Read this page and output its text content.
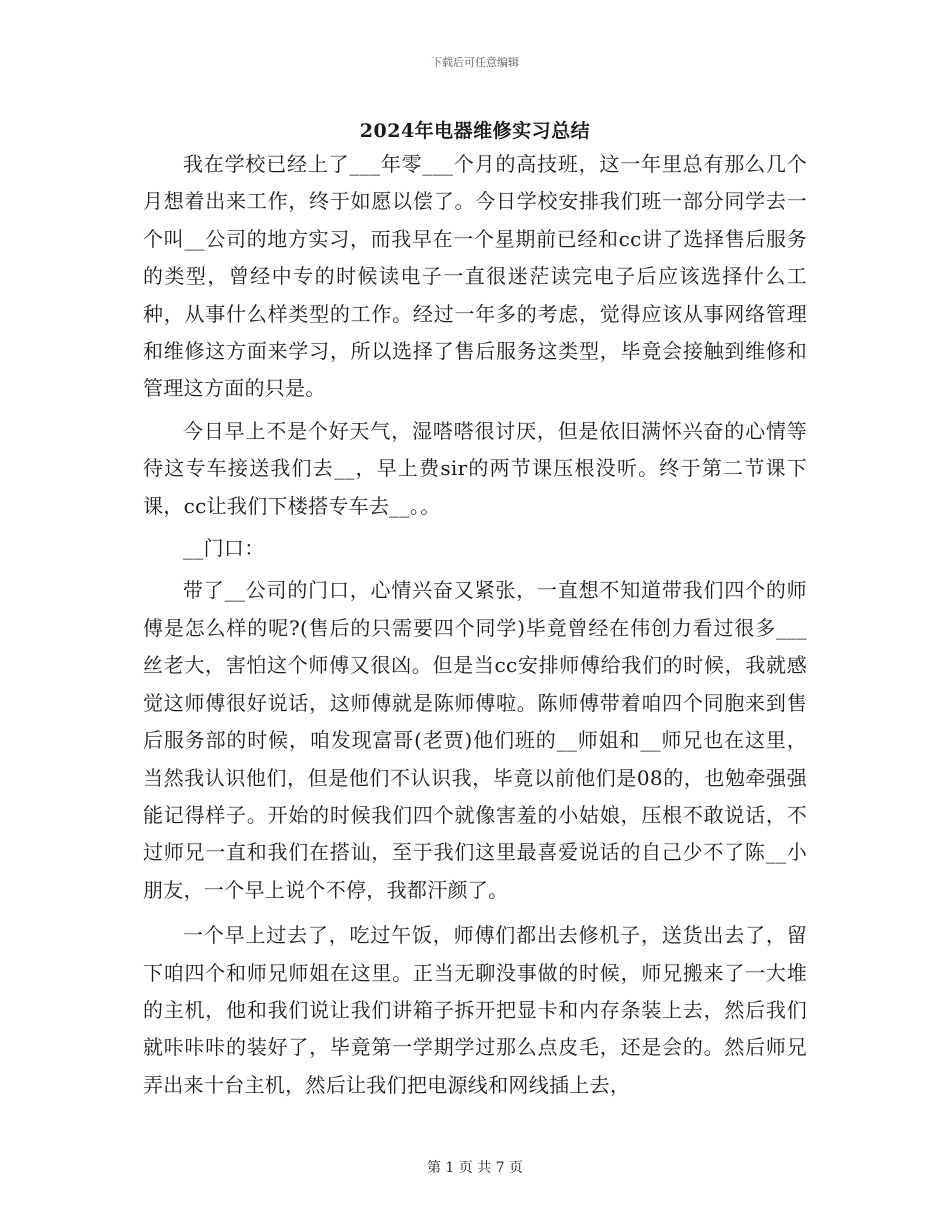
下载后可任意编辑
2024年电器维修实习总结

我在学校已经上了___年零___个月的高技班，这一年里总有那么几个月想着出来工作，终于如愿以偿了。今日学校安排我们班一部分同学去一个叫__公司的地方实习，而我早在一个星期前已经和cc讲了选择售后服务的类型，曾经中专的时候读电子一直很迷茫读完电子后应该选择什么工种，从事什么样类型的工作。经过一年多的考虑，觉得应该从事网络管理和维修这方面来学习，所以选择了售后服务这类型，毕竟会接触到维修和管理这方面的只是。

今日早上不是个好天气，湿嗒嗒很讨厌，但是依旧满怀兴奋的心情等待这专车接送我们去__，早上费sir的两节课压根没听。终于第二节课下课，cc让我们下楼搭专车去__。。

__门口：

带了__公司的门口，心情兴奋又紧张，一直想不知道带我们四个的师傅是怎么样的呢?(售后的只需要四个同学)毕竟曾经在伟创力看过很多___丝老大，害怕这个师傅又很凶。但是当cc安排师傅给我们的时候，我就感觉这师傅很好说话，这师傅就是陈师傅啦。陈师傅带着咱四个同胞来到售后服务部的时候，咱发现富哥(老贾)他们班的__师姐和__师兄也在这里，当然我认识他们，但是他们不认识我，毕竟以前他们是08的，也勉牵强强能记得样子。开始的时候我们四个就像害羞的小姑娘，压根不敢说话，不过师兄一直和我们在搭讪，至于我们这里最喜爱说话的自己少不了陈__小朋友，一个早上说个不停，我都汗颜了。

一个早上过去了，吃过午饭，师傅们都出去修机子，送货出去了，留下咱四个和师兄师姐在这里。正当无聊没事做的时候，师兄搬来了一大堆的主机，他和我们说让我们讲箱子拆开把显卡和内存条装上去，然后我们就咔咔咔的装好了，毕竟第一学期学过那么点皮毛，还是会的。然后师兄弄出来十台主机，然后让我们把电源线和网线插上去，

第 1 页 共 7 页
